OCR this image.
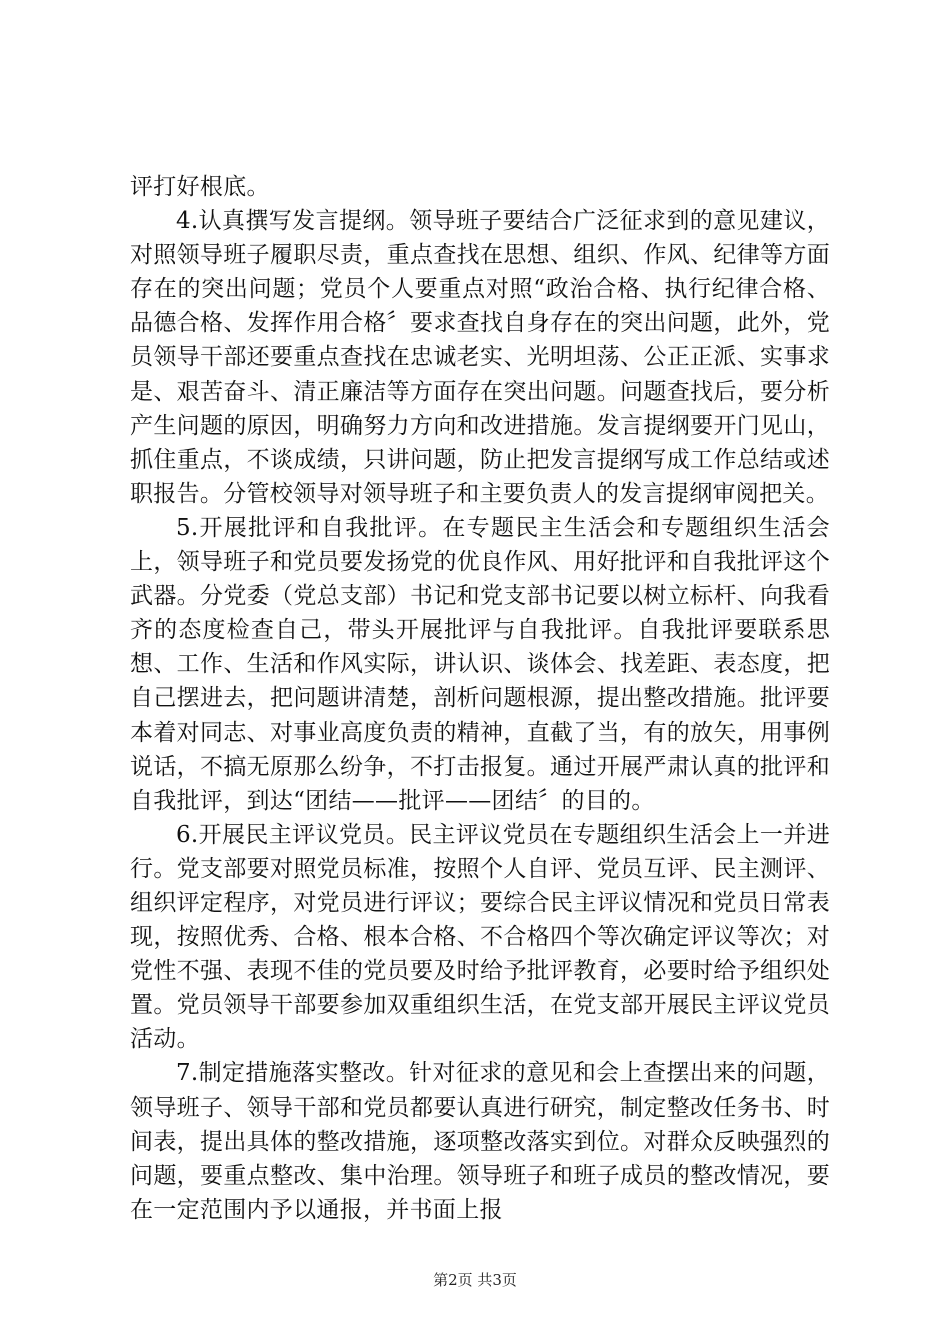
评打好根底。

4.认真撰写发言提纲。领导班子要结合广泛征求到的意见建议，对照领导班子履职尽责，重点查找在思想、组织、作风、纪律等方面存在的突出问题；党员个人要重点对照“政治合格、执行纪律合格、品德合格、发挥作用合格〞要求查找自身存在的突出问题，此外，党员领导干部还要重点查找在忠诚老实、光明坦荡、公正正派、实事求是、艰苦奋斗、清正廉洁等方面存在突出问题。问题查找后，要分析产生问题的原因，明确努力方向和改进措施。发言提纲要开门见山，抓住重点，不谈成绩，只讲问题，防止把发言提纲写成工作总结或述职报告。分管校领导对领导班子和主要负责人的发言提纲审阅把关。

5.开展批评和自我批评。在专题民主生活会和专题组织生活会上，领导班子和党员要发扬党的优良作风、用好批评和自我批评这个武器。分党委（党总支部）书记和党支部书记要以树立标杆、向我看齐的态度检查自己，带头开展批评与自我批评。自我批评要联系思想、工作、生活和作风实际，讲认识、谈体会、找差距、表态度，把自己摆进去，把问题讲清楚，剖析问题根源，提出整改措施。批评要本着对同志、对事业高度负责的精神，直截了当，有的放矢，用事例说话，不搞无原那么纷争，不打击报复。通过开展严肃认真的批评和自我批评，到达“团结——批评——团结〞的目的。

6.开展民主评议党员。民主评议党员在专题组织生活会上一并进行。党支部要对照党员标准，按照个人自评、党员互评、民主测评、组织评定程序，对党员进行评议；要综合民主评议情况和党员日常表现，按照优秀、合格、根本合格、不合格四个等次确定评议等次；对党性不强、表现不佳的党员要及时给予批评教育，必要时给予组织处置。党员领导干部要参加双重组织生活，在党支部开展民主评议党员活动。

7.制定措施落实整改。针对征求的意见和会上查摆出来的问题，领导班子、领导干部和党员都要认真进行研究，制定整改任务书、时间表，提出具体的整改措施，逐项整改落实到位。对群众反映强烈的问题，要重点整改、集中治理。领导班子和班子成员的整改情况，要在一定范围内予以通报，并书面上报

第2页 共3页
